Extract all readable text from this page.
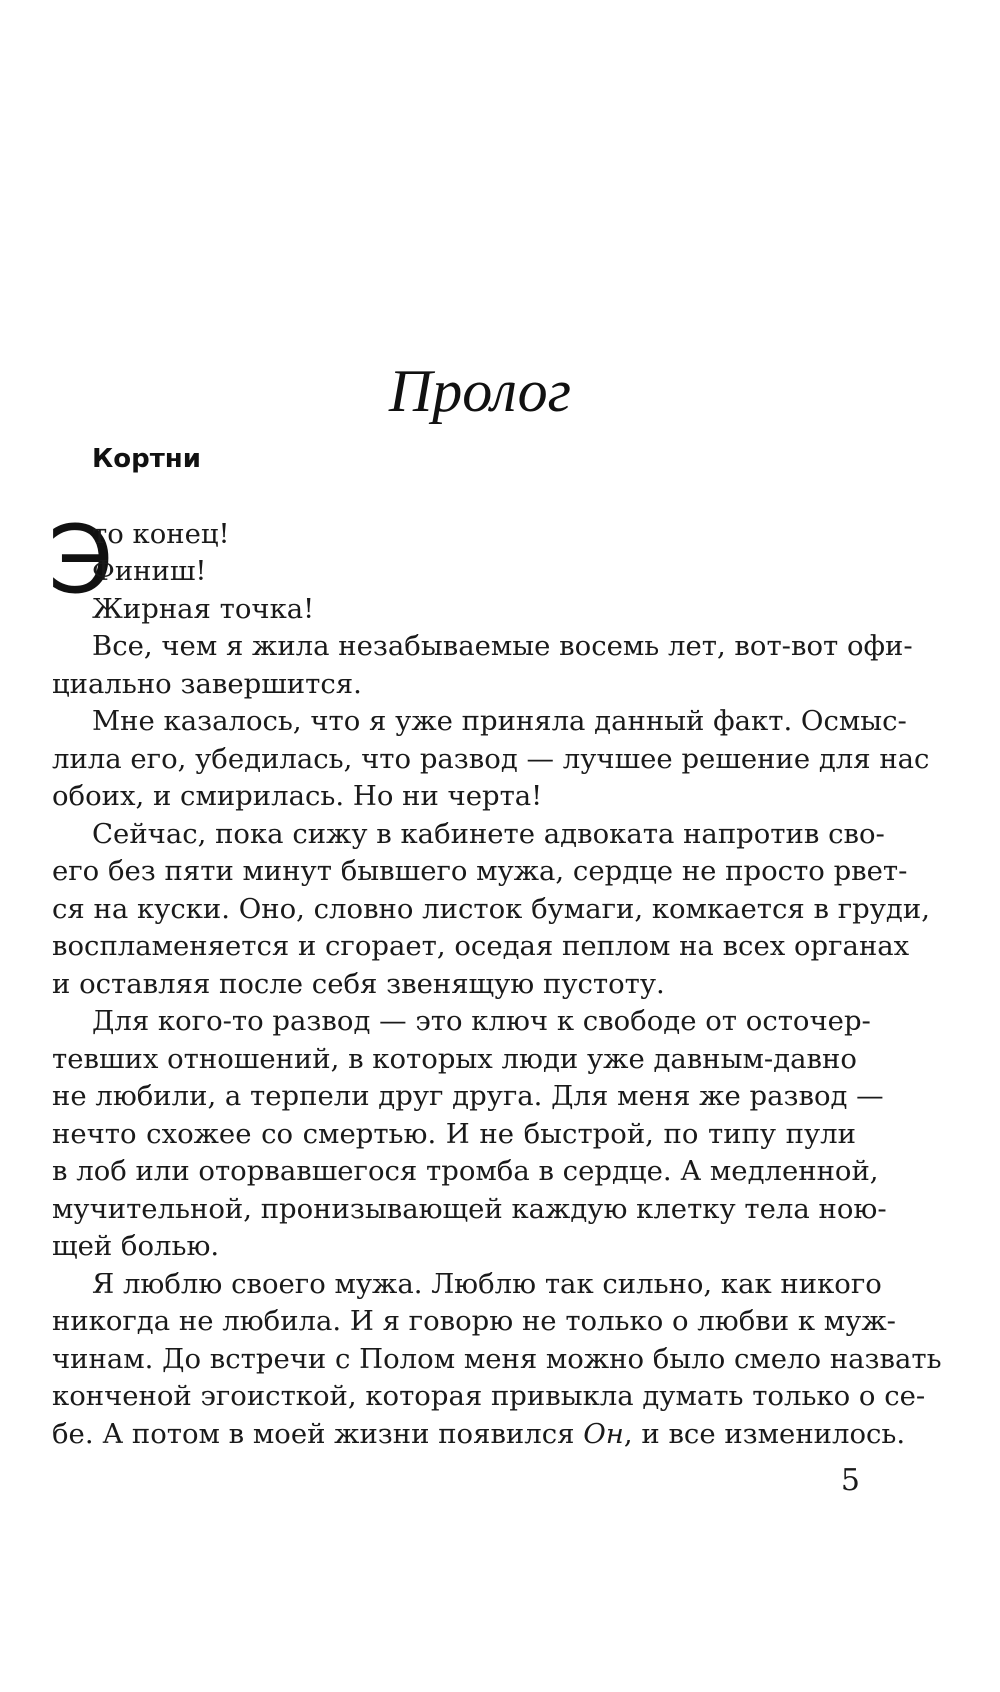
Пролог
Кортни
Э
то конец!
Финиш!
Жирная точка!
Все, чем я жила незабываемые восемь лет, вот-вот офи-
циально завершится.
Мне казалось, что я уже приняла данный факт. Осмыс-
лила его, убедилась, что развод — лучшее решение для нас
обоих, и смирилась. Но ни черта!
Сейчас, пока сижу в кабинете адвоката напротив сво-
его без пяти минут бывшего мужа, сердце не просто рвет-
ся на куски. Оно, словно листок бумаги, комкается в груди,
воспламеняется и сгорает, оседая пеплом на всех органах
и оставляя после себя звенящую пустоту.
Для кого-то развод — это ключ к свободе от осточер-
тевших отношений, в которых люди уже давным-давно
не любили, а терпели друг друга. Для меня же развод —
нечто схожее со смертью. И не быстрой, по типу пули
в лоб или оторвавшегося тромба в сердце. А медленной,
мучительной, пронизывающей каждую клетку тела ною-
щей болью.
Я люблю своего мужа. Люблю так сильно, как никого
никогда не любила. И я говорю не только о любви к муж-
чинам. До встречи с Полом меня можно было смело назвать
конченой эгоисткой, которая привыкла думать только о се-
бе. А потом в моей жизни появился Он, и все изменилось.
5
